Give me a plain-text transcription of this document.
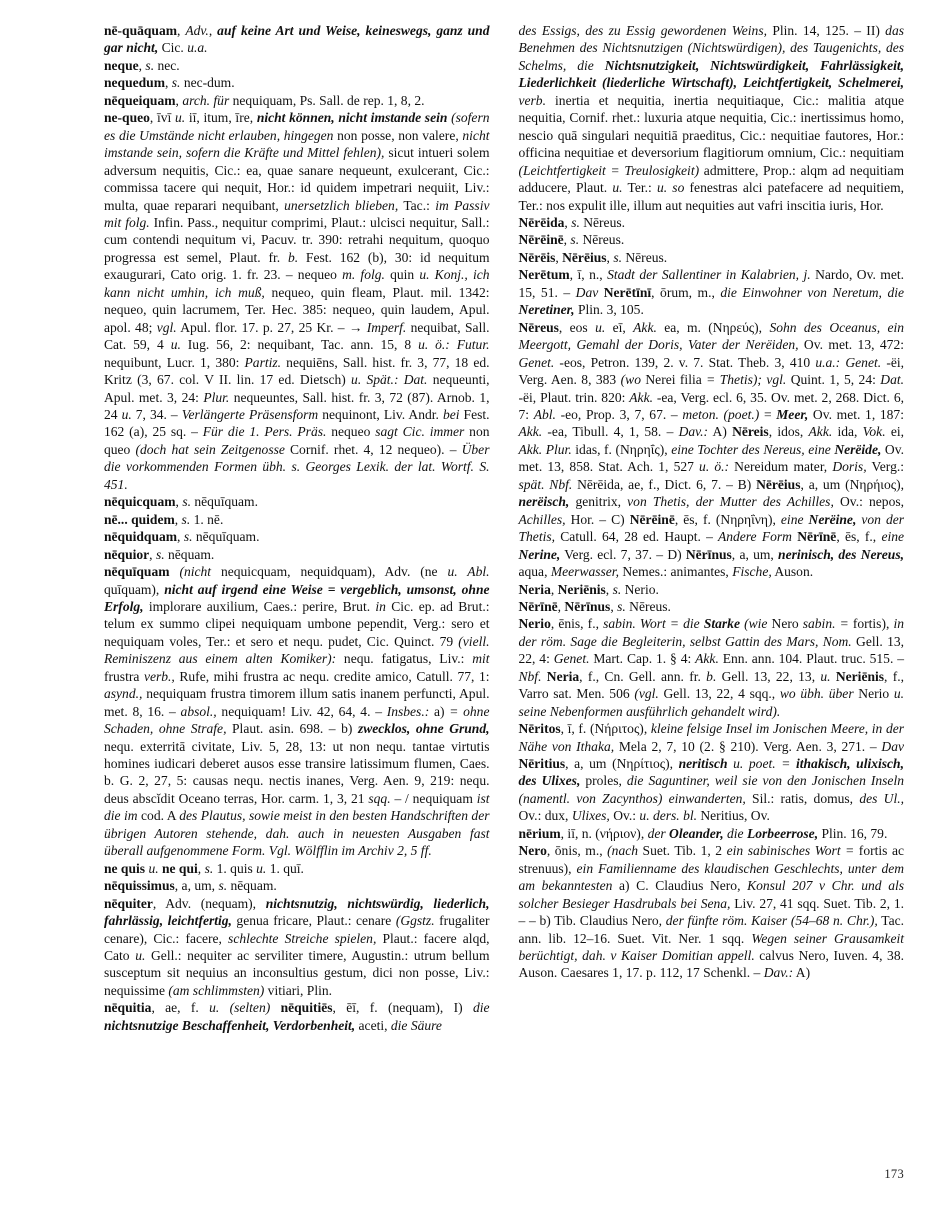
nē-quāquam, Adv., auf keine Art und Weise, keineswegs, ganz und gar nicht, Cic. u.a.

neque, s. nec.

nequedum, s. nec-dum.

nēqueiquam, arch. für nequiquam, Ps. Sall. de rep. 1, 8, 2.

ne-queo, īvī u. iī, itum, īre, nicht können, nicht imstande sein (sofern es die Umstände nicht erlauben, hingegen non posse, non valere, nicht imstande sein, sofern die Kräfte und Mittel fehlen), sicut intueri solem adversum nequitis, Cic.: ea, quae sanare nequeunt, exulcerant, Cic.: commissa tacere qui nequit, Hor.: id quidem impetrari nequiit, Liv.: multa, quae reparari nequibant, unersetzlich blieben, Tac.: im Passiv mit folg. Infin. Pass., nequitur comprimi, Plaut.: ulcisci nequitur, Sall.: cum contendi nequitum vi, Pacuv. tr. 390: retrahi nequitum, quoquo progressa est semel, Plaut. fr. b. Fest. 162 (b), 30: id nequitum exaugurari, Cato orig. 1. fr. 23. – nequeo m. folg. quin u. Konj., ich kann nicht umhin, ich muß, nequeo, quin fleam, Plaut. mil. 1342: nequeo, quin lacrumem, Ter. Hec. 385: nequeo, quin laudem, Apul. apol. 48; vgl. Apul. flor. 17. p. 27, 25 Kr. – → Imperf. nequibat, Sall. Cat. 59, 4 u. Iug. 56, 2: nequibant, Tac. ann. 15, 8 u. ö.: Futur. nequibunt, Lucr. 1, 380: Partiz. nequiēns, Sall. hist. fr. 3, 77, 18 ed. Kritz (3, 67. col. V II. lin. 17 ed. Dietsch) u. Spät.: Dat. nequeunti, Apul. met. 3, 24: Plur. nequeuntes, Sall. hist. fr. 3, 72 (87). Arnob. 1, 24 u. 7, 34. – Verlängerte Präsensform nequinont, Liv. Andr. bei Fest. 162 (a), 25 sq. – Für die 1. Pers. Präs. nequeo sagt Cic. immer non queo (doch hat sein Zeitgenosse Cornif. rhet. 4, 12 nequeo). – Über die vorkommenden Formen übh. s. Georges Lexik. der lat. Wortf. S. 451.

nēquicquam, s. nēquīquam.

nē... quidem, s. 1. nē.

nēquidquam, s. nēquīquam.

nēquior, s. nēquam.

nēquīquam (nicht nequicquam, nequidquam), Adv. (ne u. Abl. quīquam), nicht auf irgend eine Weise = vergeblich, umsonst, ohne Erfolg, implorare auxilium, Caes.: perire, Brut. in Cic. ep. ad Brut.: telum ex summo clipei nequiquam umbone pependit, Verg.: sero et nequiquam voles, Ter.: et sero et nequ. pudet, Cic. Quinct. 79 (viell. Reminiszenz aus einem alten Komiker): nequ. fatigatus, Liv.: mit frustra verb., Rufe, mihi frustra ac nequ. credite amico, Catull. 77, 1: asynd., nequiquam frustra timorem illum satis inanem perfuncti, Apul. met. 8, 16. – absol., nequiquam! Liv. 42, 64, 4. – Insbes.: a) = ohne Schaden, ohne Strafe, Plaut. asin. 698. – b) zwecklos, ohne Grund, nequ. exterritā civitate, Liv. 5, 28, 13: ut non nequ. tantae virtutis homines iudicari deberet ausos esse transire latissimum flumen, Caes. b. G. 2, 27, 5: causas nequ. nectis inanes, Verg. Aen. 9, 219: nequ. deus abscĭdit Oceano terras, Hor. carm. 1, 3, 21 sqq. – / nequiquam ist die im cod. A des Plautus, sowie meist in den besten Handschriften der übrigen Autoren stehende, dah. auch in neuesten Ausgaben fast überall aufgenommene Form. Vgl. Wölfflin im Archiv 2, 5 ff.

ne quis u. ne qui, s. 1. quis u. 1. quī.

nēquissimus, a, um, s. nēquam.

nēquiter, Adv. (nequam), nichtsnutzig, nichtswürdig, liederlich, fahrlässig, leichtfertig, genua fricare, Plaut.: cenare (Ggstz. frugaliter cenare), Cic.: facere, schlechte Streiche spielen, Plaut.: facere alqd, Cato u. Gell.: nequiter ac serviliter timere, Augustin.: utrum bellum susceptum sit nequius an inconsultius gestum, dici non posse, Liv.: nequissime (am schlimmsten) vitiari, Plin.

nēquitia, ae, f. u. (selten) nēquitiēs, ēī, f. (nequam), I) die nichtsnutzige Beschaffenheit, Verdorbenheit, aceti, die Säure

des Essigs, des zu Essig gewordenen Weins, Plin. 14, 125. – II) das Benehmen des Nichtsnutzigen (Nichtswürdigen), des Taugenichts, des Schelms, die Nichtsnutzigkeit, Nichtswürdigkeit, Fahrlässigkeit, Liederlichkeit (liederliche Wirtschaft), Leichtfertigkeit, Schelmerei, verb. inertia et nequitia, inertia nequitiaque, Cic.: malitia atque nequitia, Cornif. rhet.: luxuria atque nequitia, Cic.: inertissimus homo, nescio quā singulari nequitiā praeditus, Cic.: nequitiae fautores, Hor.: officina nequitiae et deversorium flagitiorum omnium, Cic.: nequitiam (Leichtfertigkeit = Treulosigkeit) admittere, Prop.: alqm ad nequitiam adducere, Plaut. u. Ter.: u. so fenestras alci patefacere ad nequitiem, Ter.: nos expulit ille, illum aut nequities aut vafri inscitia iuris, Hor.

Nērēida, s. Nēreus.

Nērēinē, s. Nēreus.

Nērēis, Nērēius, s. Nēreus.

Nerētum, ī, n., Stadt der Sallentiner in Kalabrien, j. Nardo, Ov. met. 15, 51. – Dav Nerētīnī, ōrum, m., die Einwohner von Neretum, die Neretiner, Plin. 3, 105.

Nēreus, eos u. eī, Akk. ea, m. (Νηρεύς), Sohn des Oceanus, ein Meergott, Gemahl der Doris, Vater der Nerëiden, Ov. met. 13, 472: Genet. -eos, Petron. 139, 2. v. 7. Stat. Theb. 3, 410 u.a.: Genet. -ëi, Verg. Aen. 8, 383 (wo Nerei filia = Thetis); vgl. Quint. 1, 5, 24: Dat. -ëi, Plaut. trin. 820: Akk. -ea, Verg. ecl. 6, 35. Ov. met. 2, 268. Dict. 6, 7: Abl. -eo, Prop. 3, 7, 67. – meton. (poet.) = Meer, Ov. met. 1, 187: Akk. -ea, Tibull. 4, 1, 58. – Dav.: A) Nēreis, idos, Akk. ida, Vok. ei, Akk. Plur. idas, f. (Νηρηΐς), eine Tochter des Nereus, eine Nerëide, Ov. met. 13, 858. Stat. Ach. 1, 527 u. ö.: Nereidum mater, Doris, Verg.: spät. Nbf. Nērēida, ae, f., Dict. 6, 7. – B) Nērēius, a, um (Νηρήιος), nerëisch, genitrix, von Thetis, der Mutter des Achilles, Ov.: nepos, Achilles, Hor. – C) Nērēinē, ēs, f. (Νηρηΐνη), eine Nerëine, von der Thetis, Catull. 64, 28 ed. Haupt. – Andere Form Nērīnē, ēs, f., eine Nerine, Verg. ecl. 7, 37. – D) Nērīnus, a, um, nerinisch, des Nereus, aqua, Meerwasser, Nemes.: animantes, Fische, Auson.

Neria, Neriēnis, s. Nerio.

Nērīnē, Nērīnus, s. Nēreus.

Nerio, ēnis, f., sabin. Wort = die Starke (wie Nero sabin. = fortis), in der röm. Sage die Begleiterin, selbst Gattin des Mars, Nom. Gell. 13, 22, 4: Genet. Mart. Cap. 1. § 4: Akk. Enn. ann. 104. Plaut. truc. 515. – Nbf. Neria, f., Cn. Gell. ann. fr. b. Gell. 13, 22, 13, u. Neriēnis, f., Varro sat. Men. 506 (vgl. Gell. 13, 22, 4 sqq., wo übh. über Nerio u. seine Nebenformen ausführlich gehandelt wird).

Nēritos, ī, f. (Νήριτος), kleine felsige Insel im Jonischen Meere, in der Nähe von Ithaka, Mela 2, 7, 10 (2. § 210). Verg. Aen. 3, 271. – Dav Nēritius, a, um (Νηρίτιος), neritisch u. poet. = ithakisch, ulixisch, des Ulixes, proles, die Saguntiner, weil sie von den Jonischen Inseln (namentl. von Zacynthos) einwanderten, Sil.: ratis, domus, des Ul., Ov.: dux, Ulixes, Ov.: u. ders. bl. Neritius, Ov.

nērium, iī, n. (νήριον), der Oleander, die Lorbeerrose, Plin. 16, 79.

Nero, ōnis, m., (nach Suet. Tib. 1, 2 ein sabinisches Wort = fortis ac strenuus), ein Familienname des klaudischen Geschlechts, unter dem am bekanntesten a) C. Claudius Nero, Konsul 207 v Chr. und als solcher Besieger Hasdrubals bei Sena, Liv. 27, 41 sqq. Suet. Tib. 2, 1. – – b) Tib. Claudius Nero, der fünfte röm. Kaiser (54–68 n. Chr.), Tac. ann. lib. 12–16. Suet. Vit. Ner. 1 sqq. Wegen seiner Grausamkeit berüchtigt, dah. v Kaiser Domitian appell. calvus Nero, Iuven. 4, 38. Auson. Caesares 1, 17. p. 112, 17 Schenkl. – Dav.: A)

173
